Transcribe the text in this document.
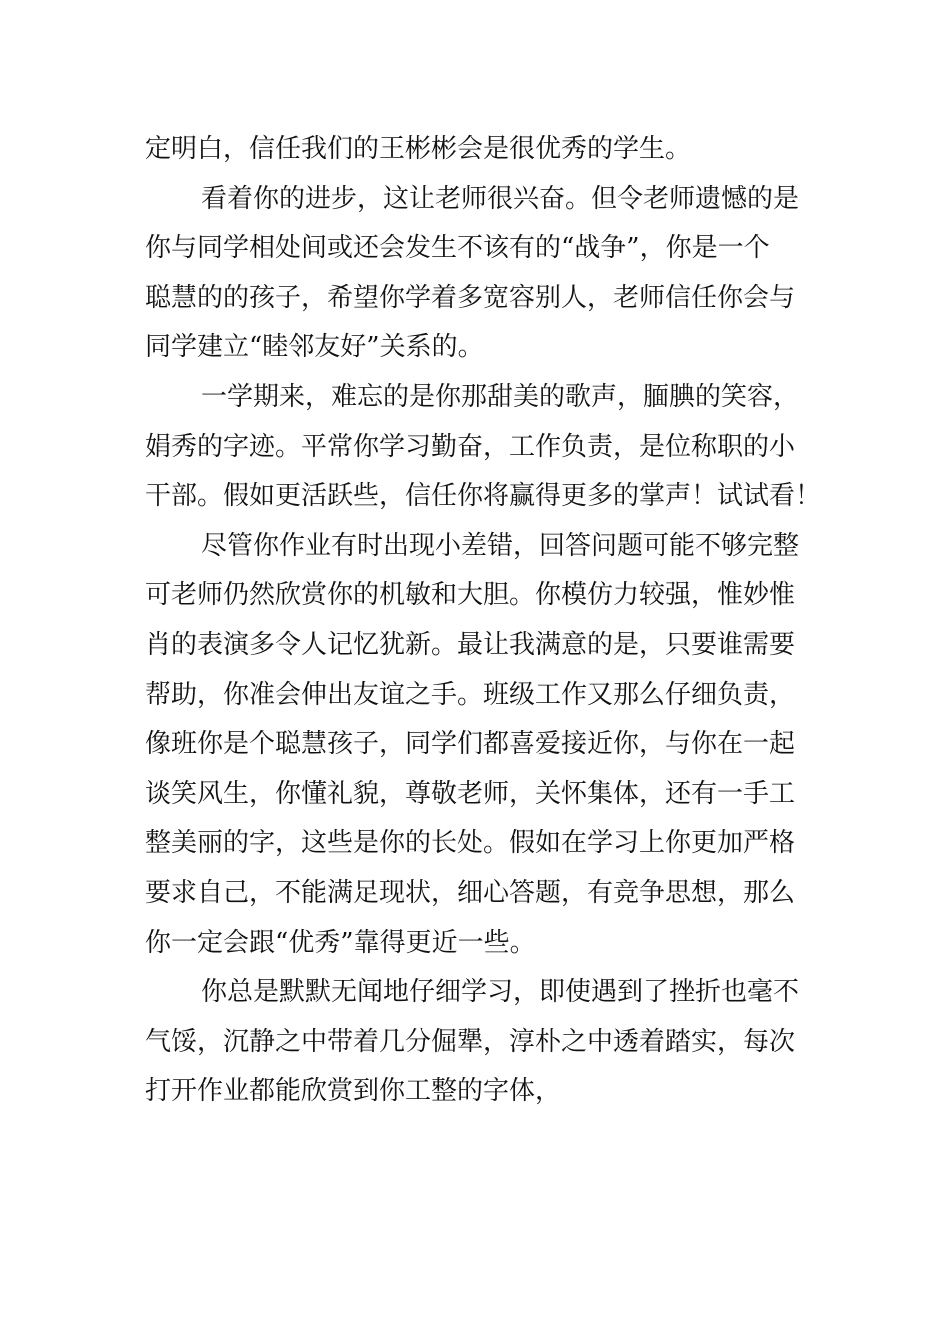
定明白，信任我们的王彬彬会是很优秀的学生。
看着你的进步，这让老师很兴奋。但令老师遗憾的是
你与同学相处间或还会发生不该有的“战争”，你是一个
聪慧的的孩子，希望你学着多宽容别人，老师信任你会与
同学建立“睦邻友好”关系的。
一学期来，难忘的是你那甜美的歌声，腼腆的笑容，
娟秀的字迹。平常你学习勤奋，工作负责，是位称职的小
干部。假如更活跃些，信任你将赢得更多的掌声！试试看！
尽管你作业有时出现小差错，回答问题可能不够完整
可老师仍然欣赏你的机敏和大胆。你模仿力较强，惟妙惟
肖的表演多令人记忆犹新。最让我满意的是，只要谁需要
帮助，你准会伸出友谊之手。班级工作又那么仔细负责，
像班你是个聪慧孩子，同学们都喜爱接近你，与你在一起
谈笑风生，你懂礼貌，尊敬老师，关怀集体，还有一手工
整美丽的字，这些是你的长处。假如在学习上你更加严格
要求自己，不能满足现状，细心答题，有竞争思想，那么
你一定会跟“优秀”靠得更近一些。
你总是默默无闻地仔细学习，即使遇到了挫折也毫不
气馁，沉静之中带着几分倔犟，淳朴之中透着踏实，每次
打开作业都能欣赏到你工整的字体，
